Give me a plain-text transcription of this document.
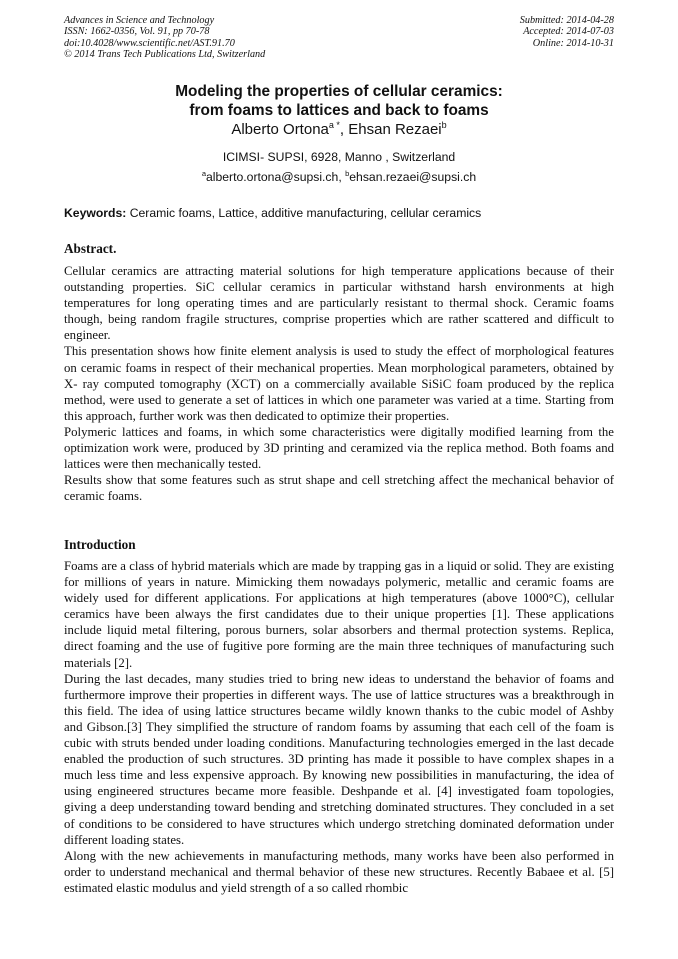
Advances in Science and Technology
ISSN: 1662-0356, Vol. 91, pp 70-78
doi:10.4028/www.scientific.net/AST.91.70
© 2014 Trans Tech Publications Ltd, Switzerland
Submitted: 2014-04-28
Accepted: 2014-07-03
Online: 2014-10-31
Modeling the properties of cellular ceramics:
from foams to lattices and back to foams
Alberto Ortona$^{a *}$, Ehsan Rezaei$^b$
ICIMSI- SUPSI, 6928, Manno , Switzerland
$^a$alberto.ortona@supsi.ch, $^b$ehsan.rezaei@supsi.ch
Keywords: Ceramic foams, Lattice, additive manufacturing, cellular ceramics
Abstract.

Cellular ceramics are attracting material solutions for high temperature applications because of their outstanding properties. SiC cellular ceramics in particular withstand harsh environments at high temperatures for long operating times and are particularly resistant to thermal shock. Ceramic foams though, being random fragile structures, comprise properties which are rather scattered and difficult to engineer.

This presentation shows how finite element analysis is used to study the effect of morphological features on ceramic foams in respect of their mechanical properties. Mean morphological parameters, obtained by X- ray computed tomography (XCT) on a commercially available SiSiC foam produced by the replica method, were used to generate a set of lattices in which one parameter was varied at a time. Starting from this approach, further work was then dedicated to optimize their properties.

Polymeric lattices and foams, in which some characteristics were digitally modified learning from the optimization work were, produced by 3D printing and ceramized via the replica method. Both foams and lattices were then mechanically tested.

Results show that some features such as strut shape and cell stretching affect the mechanical behavior of ceramic foams.

Introduction

Foams are a class of hybrid materials which are made by trapping gas in a liquid or solid. They are existing for millions of years in nature. Mimicking them nowadays polymeric, metallic and ceramic foams are widely used for different applications. For applications at high temperatures (above 1000°C), cellular ceramics have been always the first candidates due to their unique properties [1]. These applications include liquid metal filtering, porous burners, solar absorbers and thermal protection systems. Replica, direct foaming and the use of fugitive pore forming are the main three techniques of manufacturing such materials [2].

During the last decades, many studies tried to bring new ideas to understand the behavior of foams and furthermore improve their properties in different ways. The use of lattice structures was a breakthrough in this field. The idea of using lattice structures became wildly known thanks to the cubic model of Ashby and Gibson.[3] They simplified the structure of random foams by assuming that each cell of the foam is cubic with struts bended under loading conditions. Manufacturing technologies emerged in the last decade enabled the production of such structures. 3D printing has made it possible to have complex shapes in a much less time and less expensive approach. By knowing new possibilities in manufacturing, the idea of using engineered structures became more feasible. Deshpande et al. [4] investigated foam topologies, giving a deep understanding toward bending and stretching dominated structures. They concluded in a set of conditions to be considered to have structures which undergo stretching dominated deformation under different loading states.

Along with the new achievements in manufacturing methods, many works have been also performed in order to understand mechanical and thermal behavior of these new structures. Recently Babaee et al. [5] estimated elastic modulus and yield strength of a so called rhombic
